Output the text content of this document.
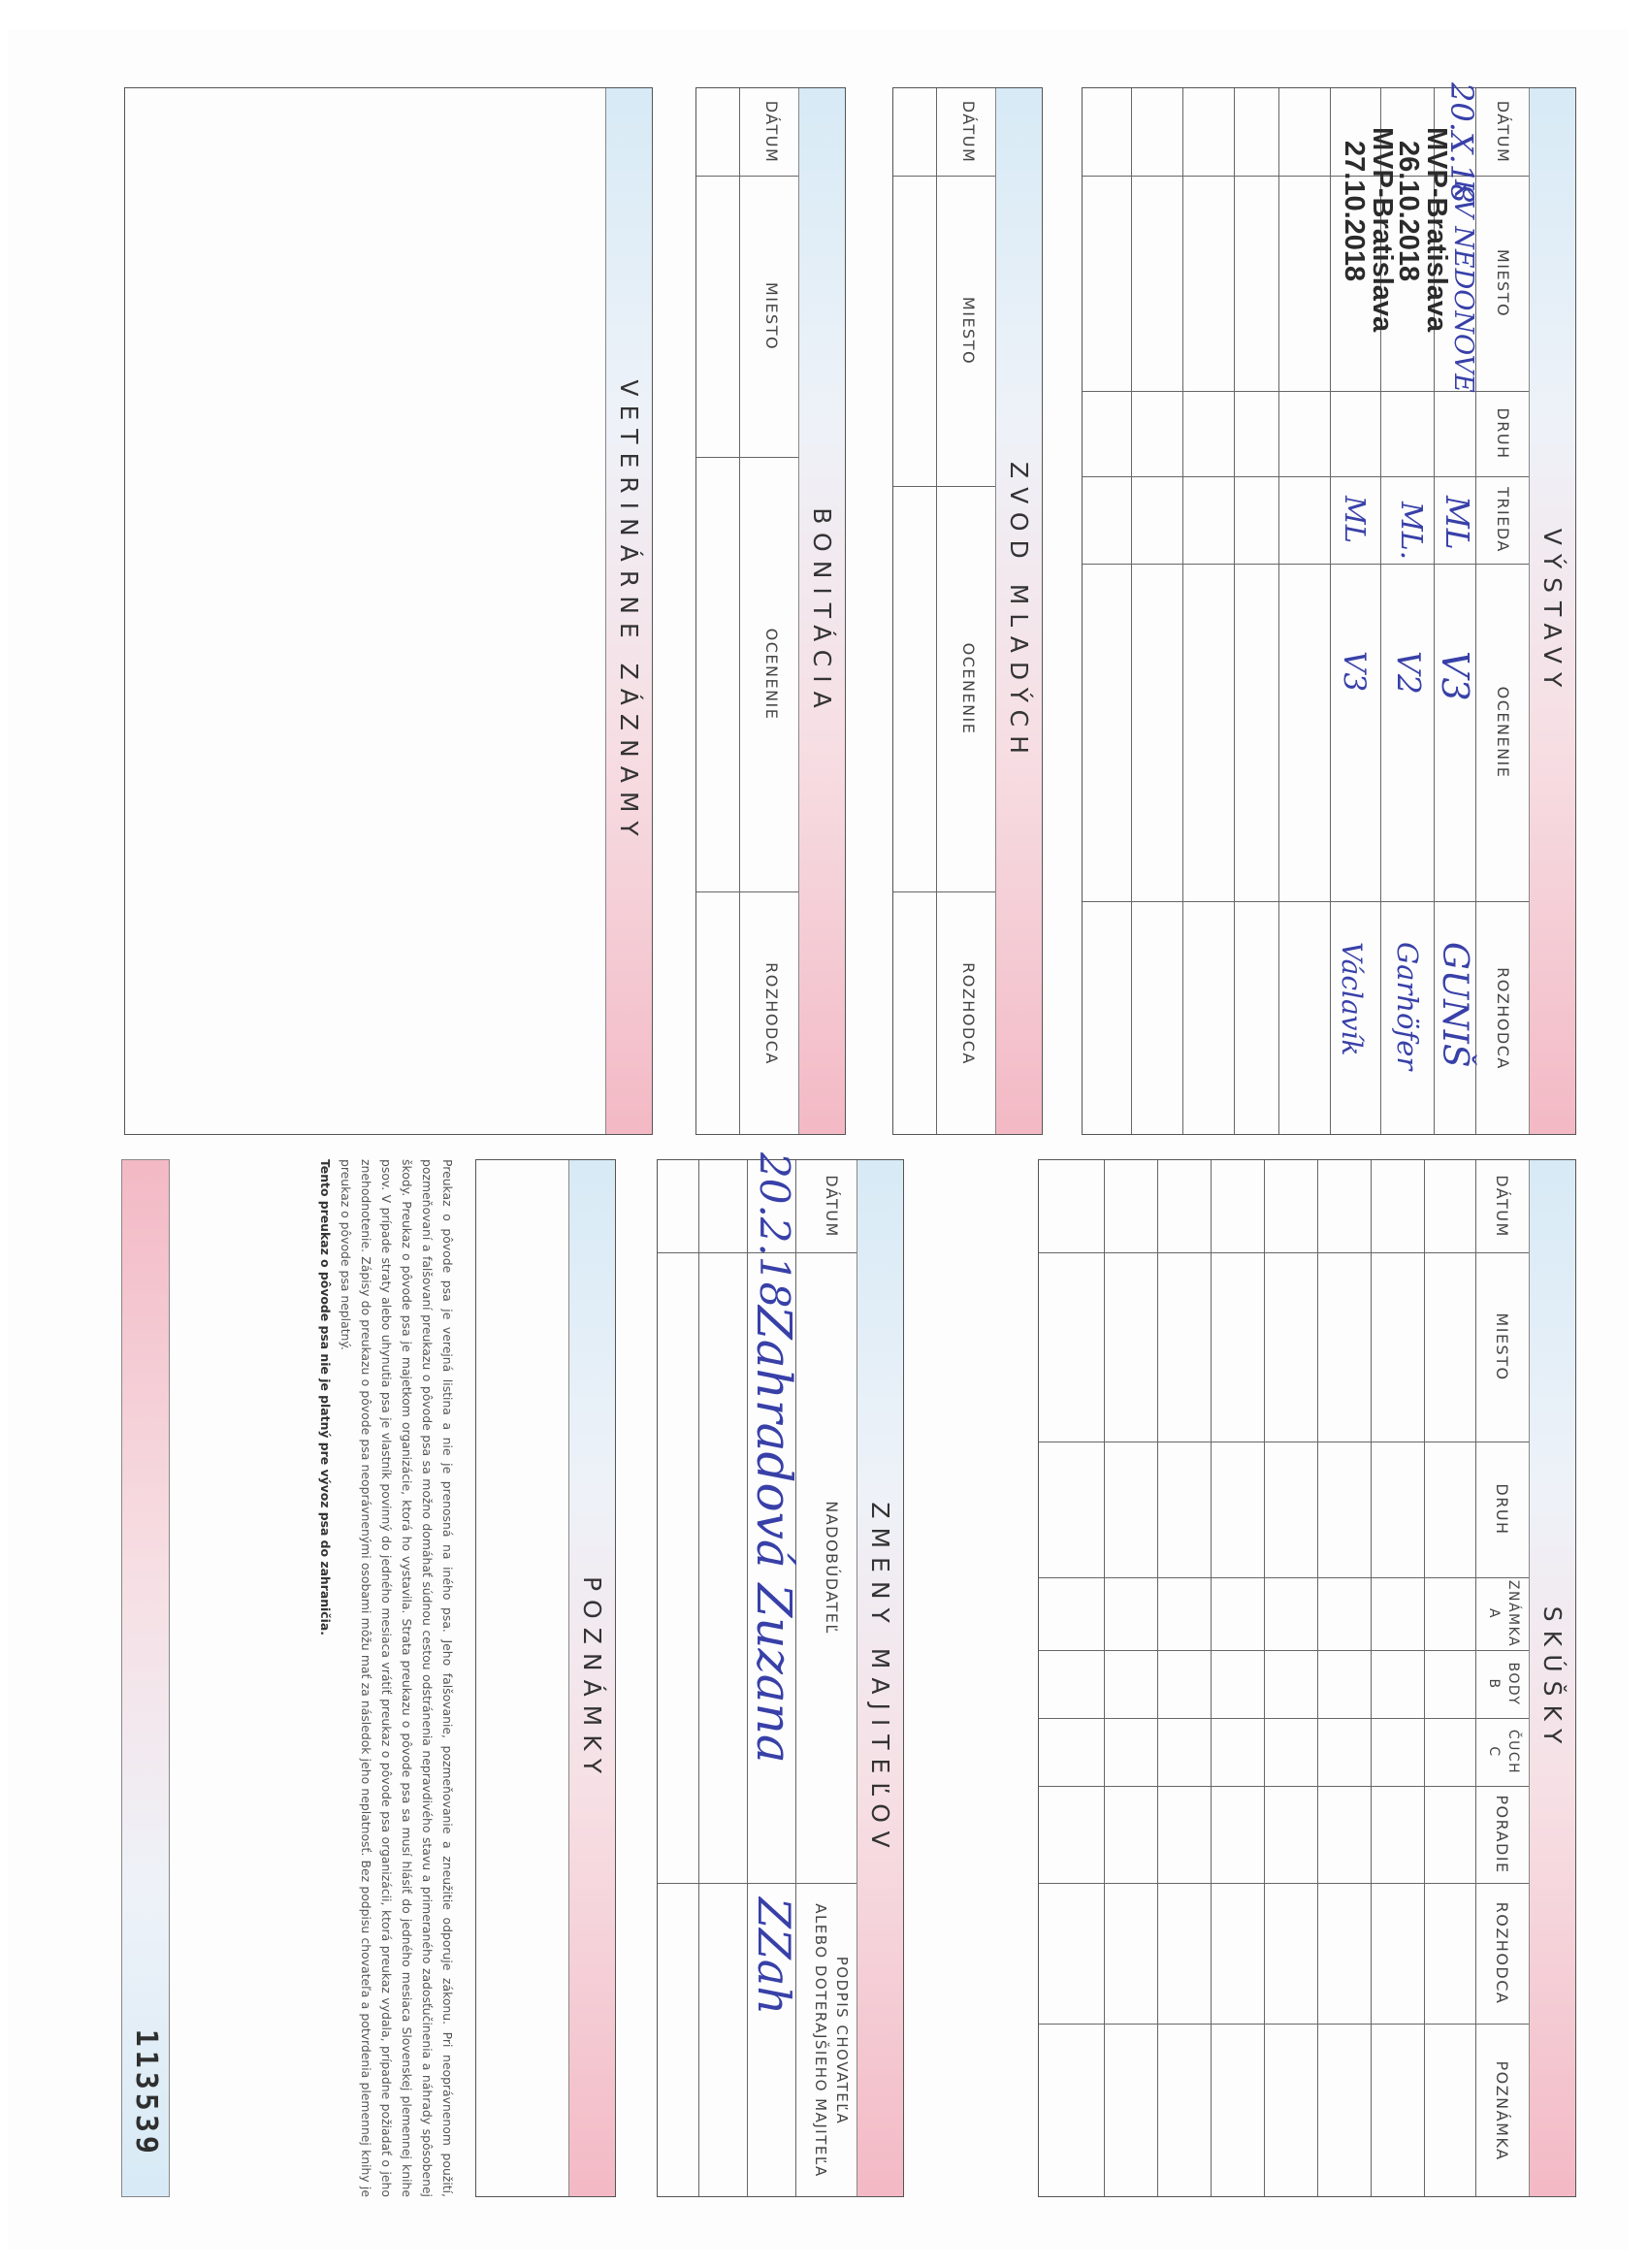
VÝSTAVY
DÁTUM
MIESTO
DRUH
TRIEDA
OCENENIE
ROZHODCA
20.X.18
KV NEDONOVE
ML
V3
GUNIŠ
MVP-Bratislava
26.10.2018
ML.
V2
Garhöfer
MVP-Bratislava
27.10.2018
ML
V3
Václavík
ZVOD MLADÝCH
DÁTUM
MIESTO
OCENENIE
ROZHODCA
BONITÁCIA
DÁTUM
MIESTO
OCENENIE
ROZHODCA
VETERINÁRNE ZÁZNAMY
SKÚŠKY
DÁTUM
MIESTO
DRUH
ZNÁMKA
A
BODY
B
ČUCH
C
PORADIE
ROZHODCA
POZNÁMKA
ZMENY MAJITEĽOV
DÁTUM
NADOBÚDATEĽ
PODPIS CHOVATEĽA
ALEBO DOTERAJŠIEHO MAJITEĽA
20.2.18
Zahradová Zuzana
ZZah
POZNÁMKY
Preukaz o pôvode psa je verejná listina a nie je prenosná na iného psa. Jeho falšovanie, pozmeňovanie a zneužitie odporuje zákonu. Pri neoprávnenom použití, pozmeňovaní a falšovaní preukazu o pôvode psa sa možno domáhať súdnou cestou odstránenia nepravdivého stavu a primeraného zadosťučinenia a náhrady spôsobenej škody. Preukaz o pôvode psa je majetkom organizácie, ktorá ho vystavila. Strata preukazu o pôvode psa sa musí hlásiť do jedného mesiaca Slovenskej plemennej knihe psov. V prípade straty alebo uhynutia psa je vlastník povinný do jedného mesiaca vrátiť preukaz o pôvode psa organizácii, ktorá preukaz vydala, prípadne požiadať o jeho znehodnotenie. Zápisy do preukazu o pôvode psa neoprávnenými osobami môžu mať za následok jeho neplatnosť. Bez podpisu chovateľa a potvrdenia plemennej knihy je preukaz o pôvode psa neplatný.
Tento preukaz o pôvode psa nie je platný pre vývoz psa do zahraničia.
113539
